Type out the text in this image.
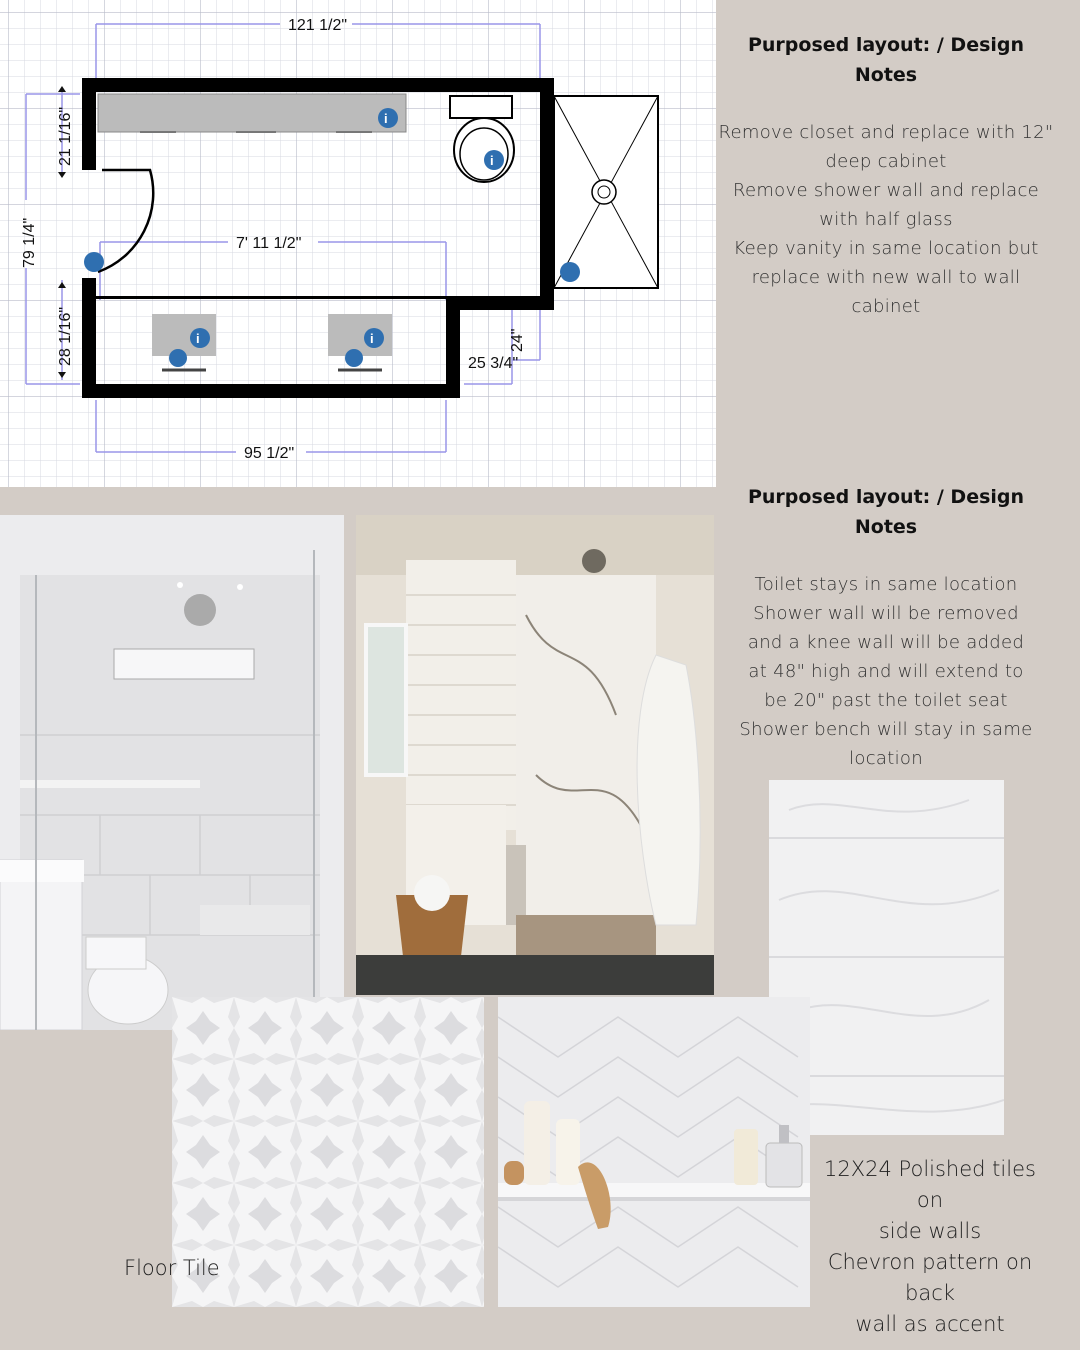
121 1/2"
7' 11 1/2"
95 1/2"
79 1/4"
21 1/16"
28 1/16"	24"
25 3/4"
i
i
i	i
Purposed layout: / Design Notes
Remove closet and replace with 12"
deep cabinet
Remove shower wall and replace
with half glass
Keep vanity in same location but
replace with new wall to wall cabinet
Purposed layout: / Design
Notes
Toilet stays in same location
Shower wall will be removed
and a knee wall will be added
at 48" high and will extend to
be 20" past the toilet seat
Shower bench will stay in same
location
Floor Tile
12X24 Polished tiles on
side walls
Chevron pattern on
back
wall as accent
